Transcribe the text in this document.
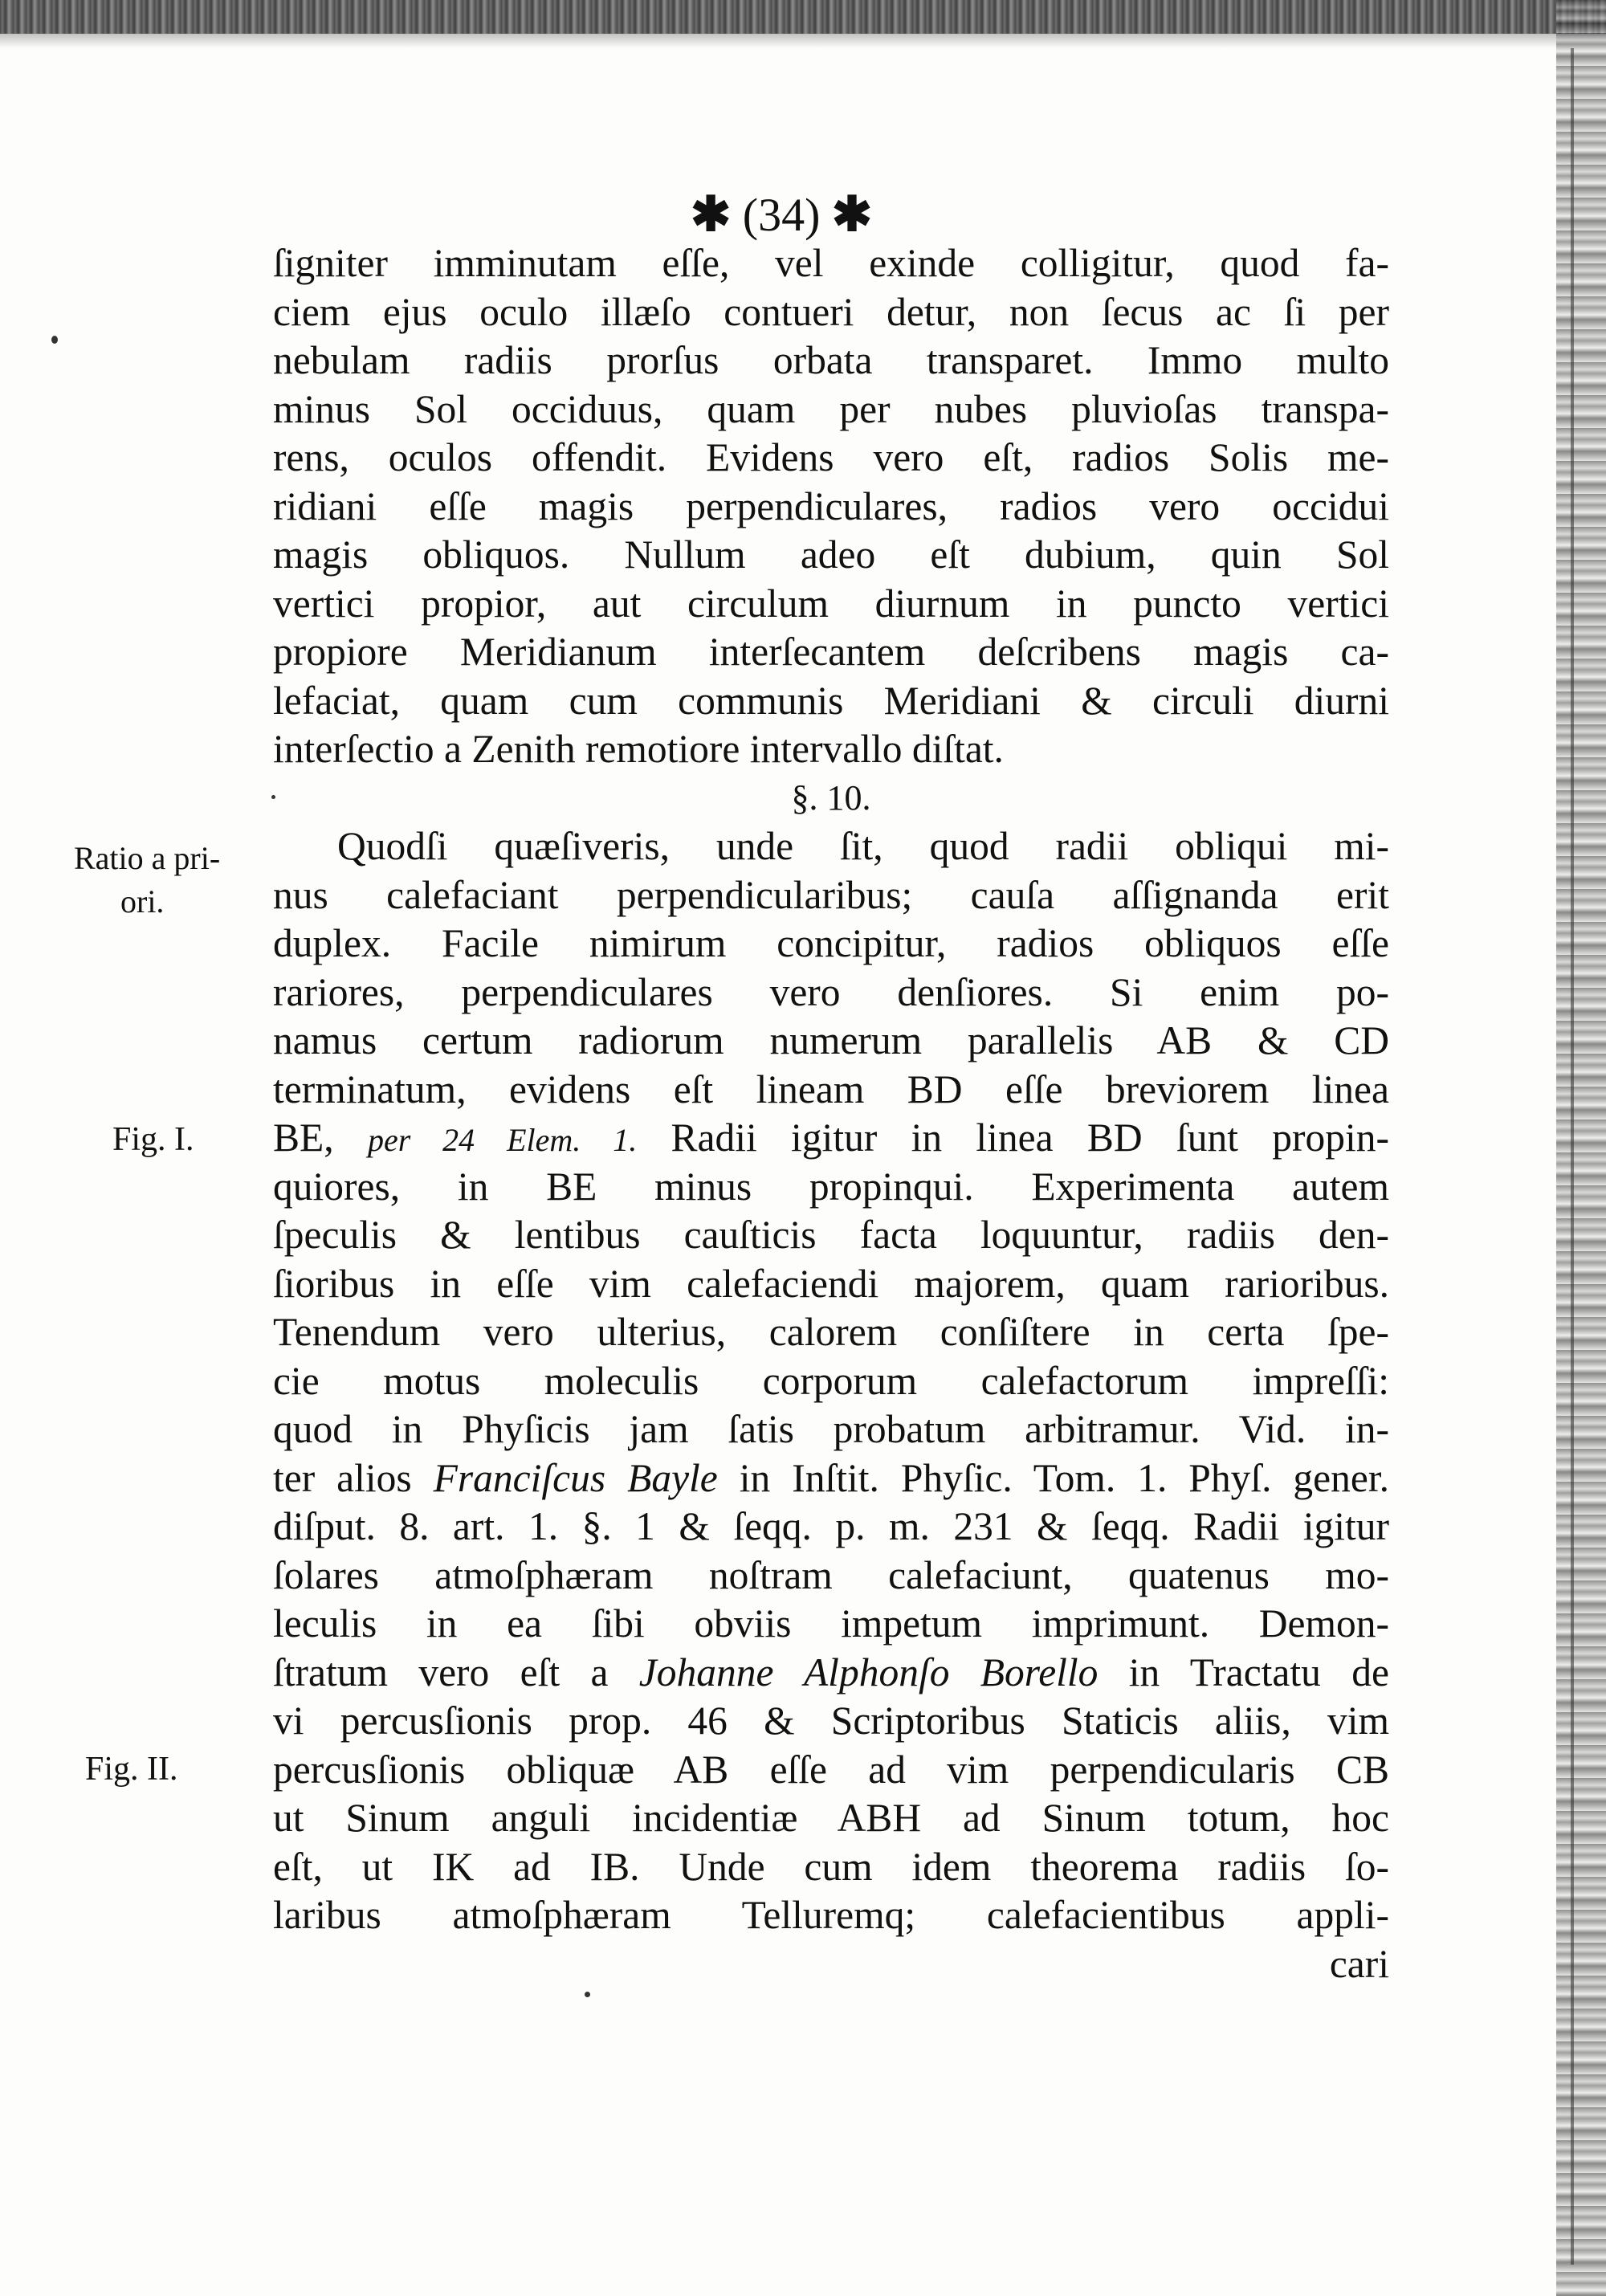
✱ (34) ✱
Ratio a pri-
ori.
Fig. I.
Fig. II.
ſigniter imminutam eſſe, vel exinde colligitur, quod fa-
ciem ejus oculo illæſo contueri detur, non ſecus ac ſi per
nebulam radiis prorſus orbata transparet. Immo multo
minus Sol occiduus, quam per nubes pluvioſas transpa-
rens, oculos offendit. Evidens vero eſt, radios Solis me-
ridiani eſſe magis perpendiculares, radios vero occidui
magis obliquos. Nullum adeo eſt dubium, quin Sol
vertici propior, aut circulum diurnum in puncto vertici
propiore Meridianum interſecantem deſcribens magis ca-
lefaciat, quam cum communis Meridiani & circuli diurni
interſectio a Zenith remotiore intervallo diſtat.
§. 10.
Quodſi quæſiveris, unde ſit, quod radii obliqui mi-
nus calefaciant perpendicularibus; cauſa aſſignanda erit
duplex. Facile nimirum concipitur, radios obliquos eſſe
rariores, perpendiculares vero denſiores. Si enim po-
namus certum radiorum numerum parallelis AB & CD
terminatum, evidens eſt lineam BD eſſe breviorem linea
BE, per 24 Elem. 1. Radii igitur in linea BD ſunt propin-
quiores, in BE minus propinqui. Experimenta autem
ſpeculis & lentibus cauſticis facta loquuntur, radiis den-
ſioribus in eſſe vim calefaciendi majorem, quam rarioribus.
Tenendum vero ulterius, calorem conſiſtere in certa ſpe-
cie motus moleculis corporum calefactorum impreſſi:
quod in Phyſicis jam ſatis probatum arbitramur. Vid. in-
ter alios Franciſcus Bayle in Inſtit. Phyſic. Tom. 1. Phyſ. gener.
diſput. 8. art. 1. §. 1 & ſeqq. p. m. 231 & ſeqq. Radii igitur
ſolares atmoſphæram noſtram calefaciunt, quatenus mo-
leculis in ea ſibi obviis impetum imprimunt. Demon-
ſtratum vero eſt a Johanne Alphonſo Borello in Tractatu de
vi percusſionis prop. 46 & Scriptoribus Staticis aliis, vim
percusſionis obliquæ AB eſſe ad vim perpendicularis CB
ut Sinum anguli incidentiæ ABH ad Sinum totum, hoc
eſt, ut IK ad IB. Unde cum idem theorema radiis ſo-
laribus atmoſphæram Telluremq; calefacientibus appli-
cari
